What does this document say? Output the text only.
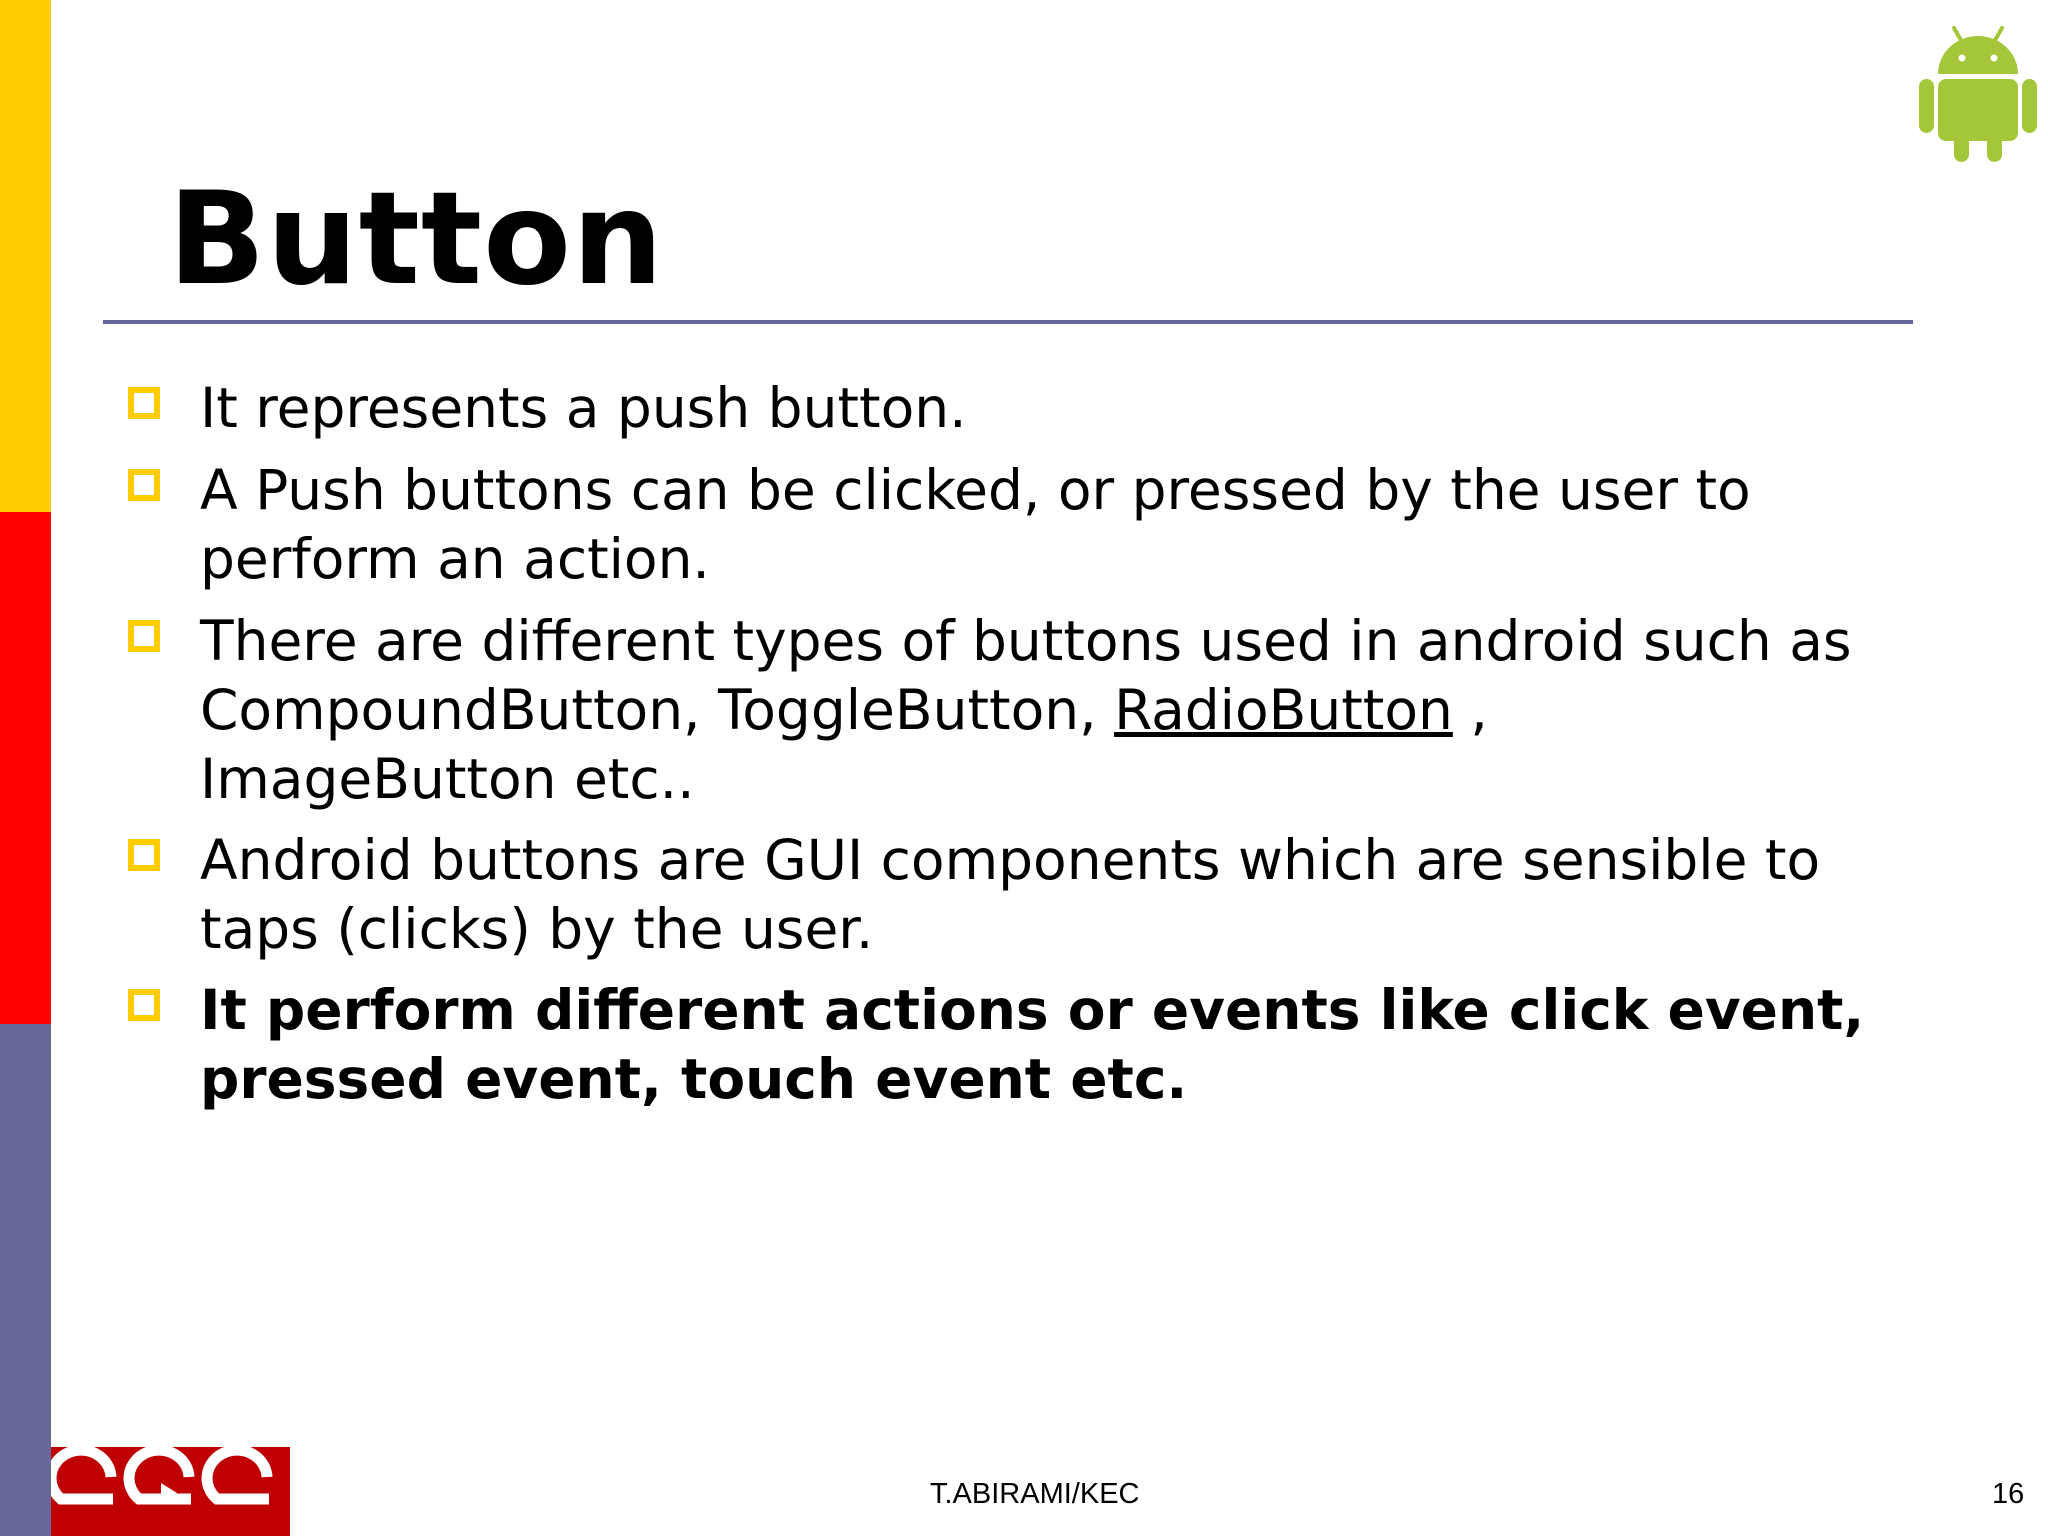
Button
It represents a push button.
A Push buttons can be clicked, or pressed by the user to
perform an action.
There are different types of buttons used in android such as
CompoundButton, ToggleButton, RadioButton ,
ImageButton etc..
Android buttons are GUI components which are sensible to
taps (clicks) by the user.
It perform different actions or events like click event,
pressed event, touch event etc.
T.ABIRAMI/KEC	16
